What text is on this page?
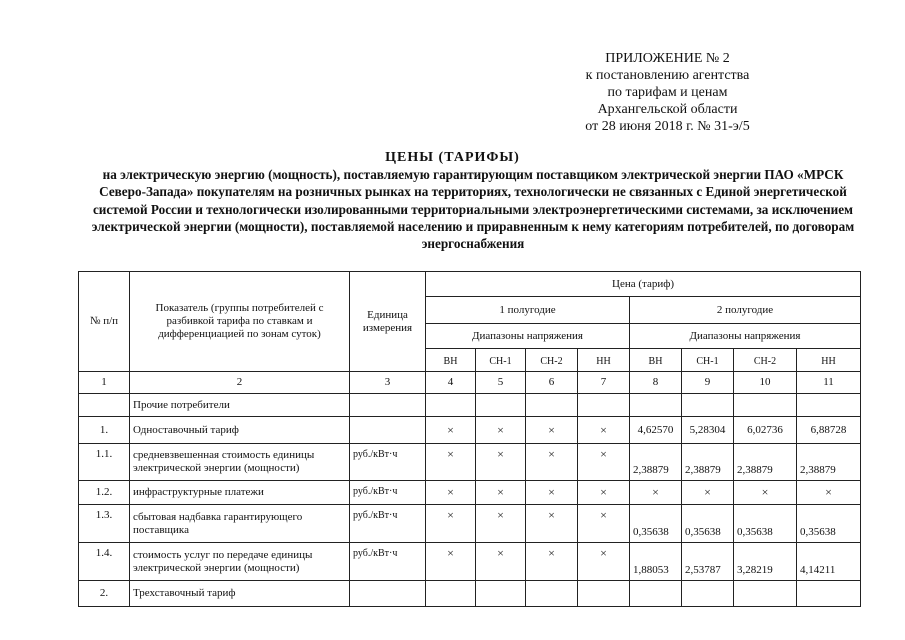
ПРИЛОЖЕНИЕ № 2
к постановлению агентства
по тарифам и ценам
Архангельской области
от 28 июня 2018 г. № 31-э/5
ЦЕНЫ (ТАРИФЫ)
на электрическую энергию (мощность), поставляемую гарантирующим поставщиком электрической энергии ПАО «МРСК Северо-Запада» покупателям на розничных рынках на территориях, технологически не связанных с Единой энергетической системой России и технологически изолированными территориальными электроэнергетическими системами, за исключением электрической энергии (мощности), поставляемой населению и приравненным к нему категориям потребителей, по договорам энергоснабжения
№ п/п	Показатель (группы потребителей с разбивкой тарифа по ставкам и дифференциацией по зонам суток)	Единица измерения	Цена (тариф)							
			1 полугодие				2 полугодие			
			Диапазоны напряжения				Диапазоны напряжения			
			ВН	СН-1	СН-2	НН	ВН	СН-1	СН-2	НН
1	2	3	4	5	6	7	8	9	10	11
	Прочие потребители									
1.	Одноставочный тариф		×	×	×	×	4,62570	5,28304	6,02736	6,88728
1.1.	средневзвешенная стоимость единицы электрической энергии (мощности)	руб./кВт·ч	×	×	×	×	2,38879	2,38879	2,38879	2,38879
1.2.	инфраструктурные платежи	руб./кВт·ч	×	×	×	×	×	×	×	×
1.3.	сбытовая надбавка гарантирующего поставщика	руб./кВт·ч	×	×	×	×	0,35638	0,35638	0,35638	0,35638
1.4.	стоимость услуг по передаче единицы электрической энергии (мощности)	руб./кВт·ч	×	×	×	×	1,88053	2,53787	3,28219	4,14211
2.	Трехставочный тариф									
